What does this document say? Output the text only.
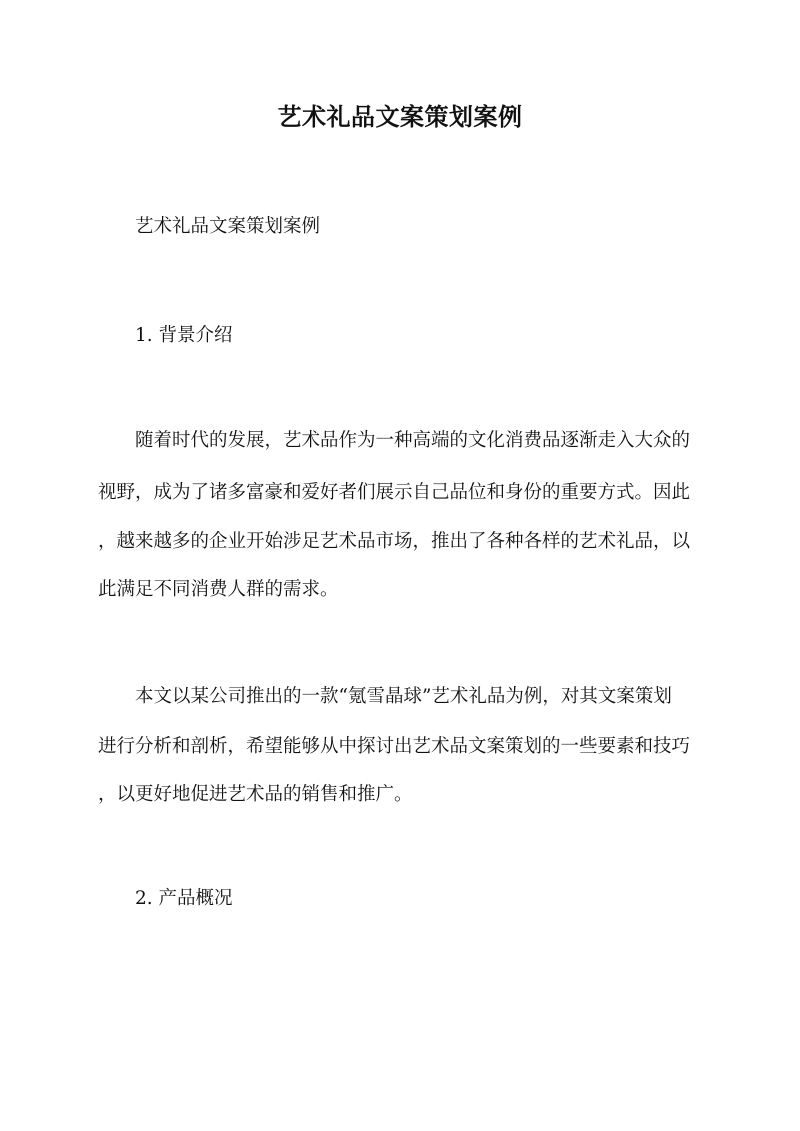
艺术礼品文案策划案例
艺术礼品文案策划案例
1. 背景介绍
随着时代的发展，艺术品作为一种高端的文化消费品逐渐走入大众的
视野，成为了诸多富豪和爱好者们展示自己品位和身份的重要方式。因此
，越来越多的企业开始涉足艺术品市场，推出了各种各样的艺术礼品，以
此满足不同消费人群的需求。
本文以某公司推出的一款“氪雪晶球”艺术礼品为例，对其文案策划
进行分析和剖析，希望能够从中探讨出艺术品文案策划的一些要素和技巧
，以更好地促进艺术品的销售和推广。
2. 产品概况
